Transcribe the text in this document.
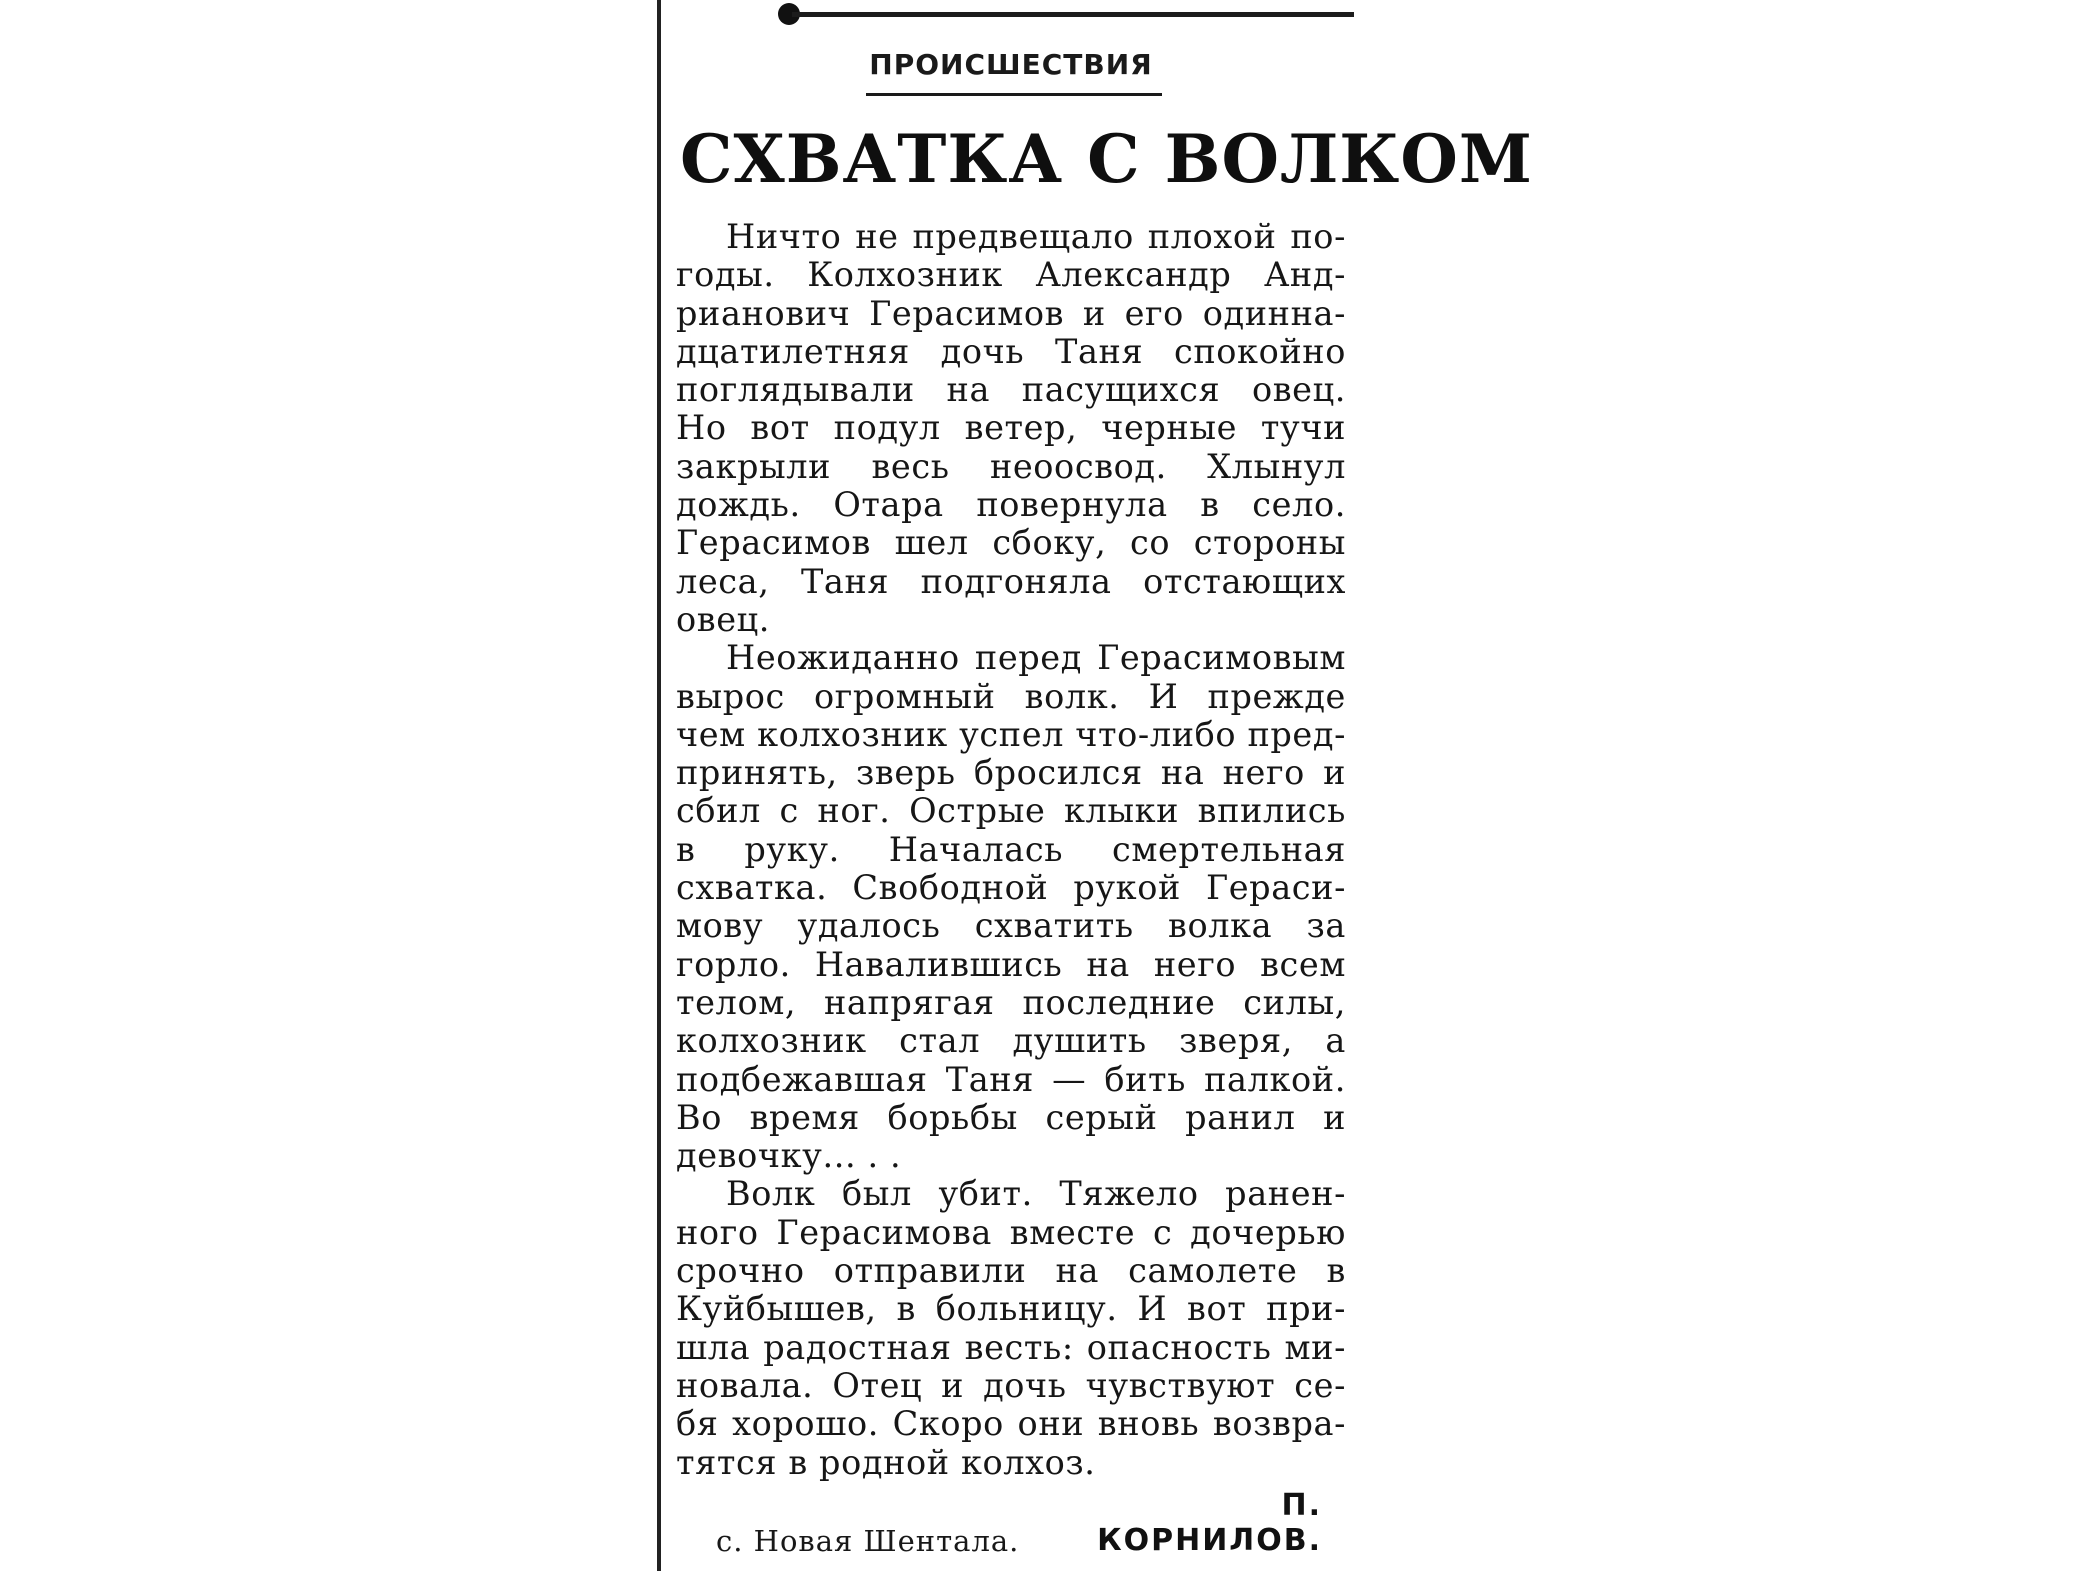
ПРОИСШЕСТВИЯ
СХВАТКА С ВОЛКОМ
Ничто не предвещало плохой по-
годы. Колхозник Александр Анд-
рианович Герасимов и его одинна-
дцатилетняя дочь Таня спокойно
поглядывали на пасущихся овец.
Но вот подул ветер, черные тучи
закрыли весь неоосвод. Хлынул
дождь. Отара повернула в село.
Герасимов шел сбоку, со стороны
леса, Таня подгоняла отстающих
овец.
Неожиданно перед Герасимовым
вырос огромный волк. И прежде
чем колхозник успел что-либо пред-
принять, зверь бросился на него и
сбил с ног. Острые клыки впились
в руку. Началась смертельная
схватка. Свободной рукой Гераси-
мову удалось схватить волка за
горло. Навалившись на него всем
телом, напрягая последние силы,
колхозник стал душить зверя, а
подбежавшая Таня — бить палкой.
Во время борьбы серый ранил и
девочку... . .
Волк был убит. Тяжело ранен-
ного Герасимова вместе с дочерью
срочно отправили на самолете в
Куйбышев, в больницу. И вот при-
шла радостная весть: опасность ми-
новала. Отец и дочь чувствуют се-
бя хорошо. Скоро они вновь возвра-
тятся в родной колхоз.
П. КОРНИЛОВ.
с. Новая Шентала.
